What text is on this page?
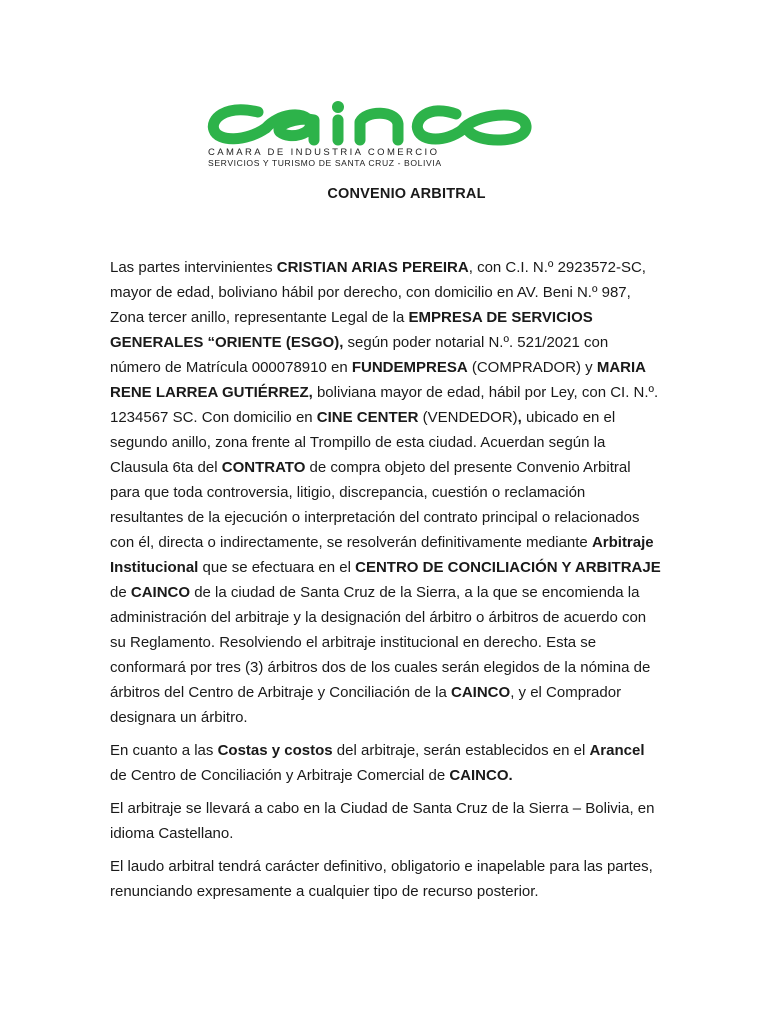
CAMARA DE INDUSTRIA COMERCIO
SERVICIOS Y TURISMO DE SANTA CRUZ - BOLIVIA
CONVENIO ARBITRAL

Las partes intervinientes CRISTIAN ARIAS PEREIRA, con C.I. N.º 2923572-SC, mayor de edad, boliviano hábil por derecho, con domicilio en AV. Beni N.º 987, Zona tercer anillo, representante Legal de la EMPRESA DE SERVICIOS GENERALES “ORIENTE (ESGO), según poder notarial N.º. 521/2021 con número de Matrícula 000078910 en FUNDEMPRESA (COMPRADOR) y MARIA RENE LARREA GUTIÉRREZ, boliviana mayor de edad, hábil por Ley, con CI. N.º. 1234567 SC. Con domicilio en CINE CENTER (VENDEDOR), ubicado en el segundo anillo, zona frente al Trompillo de esta ciudad. Acuerdan según la Clausula 6ta del CONTRATO de compra objeto del presente Convenio Arbitral para que toda controversia, litigio, discrepancia, cuestión o reclamación resultantes de la ejecución o interpretación del contrato principal o relacionados con él, directa o indirectamente, se resolverán definitivamente mediante Arbitraje Institucional que se efectuara en el CENTRO DE CONCILIACIÓN Y ARBITRAJE de CAINCO de la ciudad de Santa Cruz de la Sierra, a la que se encomienda la administración del arbitraje y la designación del árbitro o árbitros de acuerdo con su Reglamento. Resolviendo el arbitraje institucional en derecho. Esta se conformará por tres (3) árbitros dos de los cuales serán elegidos de la nómina de árbitros del Centro de Arbitraje y Conciliación de la CAINCO, y el Comprador designara un árbitro.

En cuanto a las Costas y costos del arbitraje, serán establecidos en el Arancel de Centro de Conciliación y Arbitraje Comercial de CAINCO.

El arbitraje se llevará a cabo en la Ciudad de Santa Cruz de la Sierra – Bolivia, en idioma Castellano.

El laudo arbitral tendrá carácter definitivo, obligatorio e inapelable para las partes, renunciando expresamente a cualquier tipo de recurso posterior.
